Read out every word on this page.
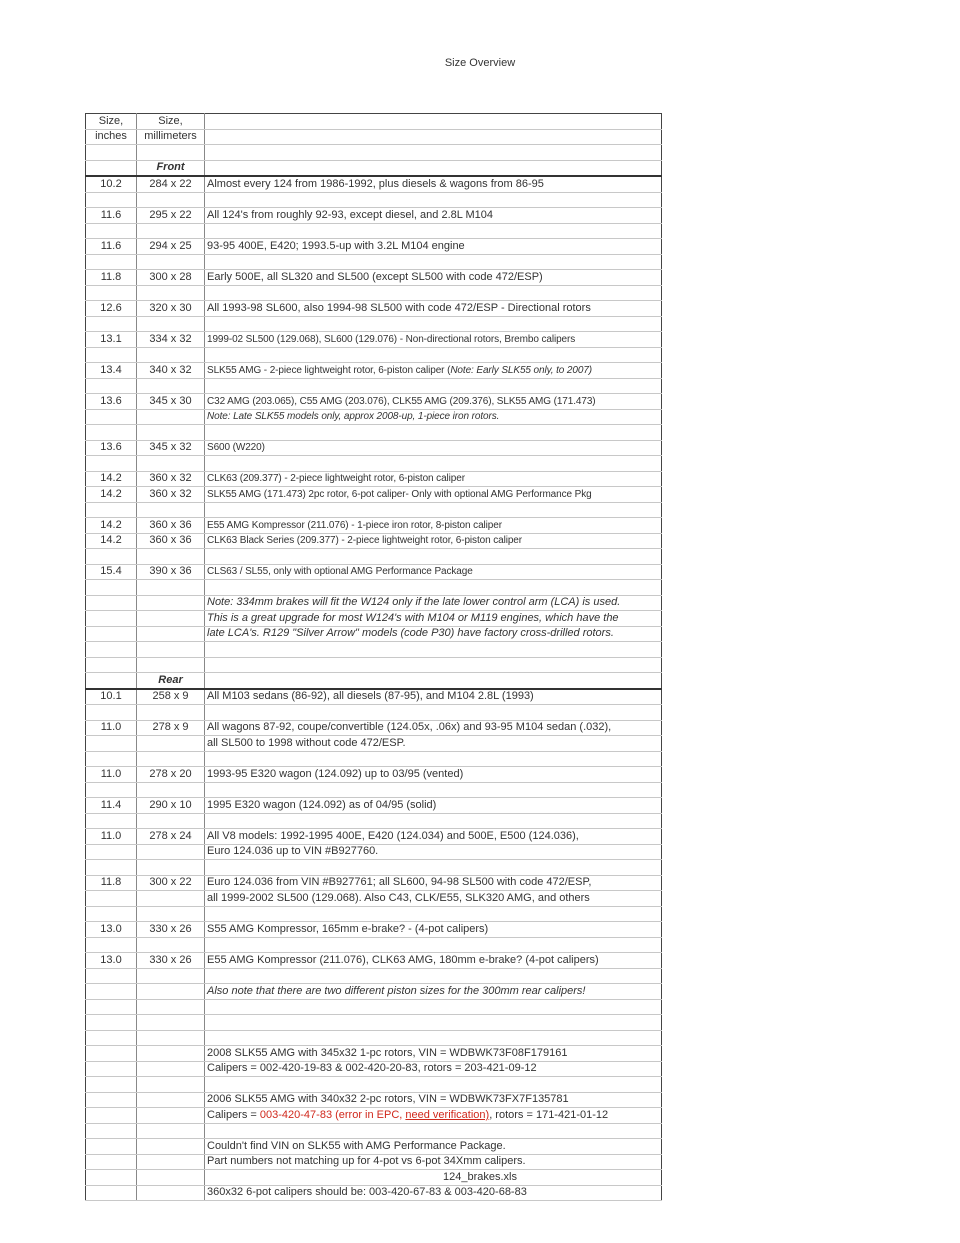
Size Overview
Size,	Size,	
inches	millimeters	

	Front	
10.2	284 x 22	Almost every 124 from 1986-1992, plus diesels & wagons from 86-95

11.6	295 x 22	All 124's from roughly 92-93, except diesel, and 2.8L M104

11.6	294 x 25	93-95 400E, E420; 1993.5-up with 3.2L M104 engine

11.8	300 x 28	Early 500E, all SL320 and SL500 (except SL500 with code 472/ESP)

12.6	320 x 30	All 1993-98 SL600, also 1994-98 SL500 with code 472/ESP - Directional rotors

13.1	334 x 32	1999-02 SL500 (129.068), SL600 (129.076) - Non-directional rotors, Brembo calipers

13.4	340 x 32	SLK55 AMG - 2-piece lightweight rotor, 6-piston caliper (Note: Early SLK55 only, to 2007)

13.6	345 x 30	C32 AMG (203.065), C55 AMG (203.076), CLK55 AMG (209.376), SLK55 AMG (171.473)
		Note: Late SLK55 models only, approx 2008-up, 1-piece iron rotors.

13.6	345 x 32	S600 (W220)

14.2	360 x 32	CLK63 (209.377) - 2-piece lightweight rotor, 6-piston caliper
14.2	360 x 32	SLK55 AMG (171.473) 2pc rotor, 6-pot caliper- Only with optional AMG Performance Pkg

14.2	360 x 36	E55 AMG Kompressor (211.076) - 1-piece iron rotor, 8-piston caliper
14.2	360 x 36	CLK63 Black Series (209.377) - 2-piece lightweight rotor, 6-piston caliper

15.4	390 x 36	CLS63 / SL55, only with optional AMG Performance Package

		Note: 334mm brakes will fit the W124 only if the late lower control arm (LCA) is used.
		This is a great upgrade for most W124's with M104 or M119 engines, which have the
		late LCA's. R129 "Silver Arrow" models (code P30) have factory cross-drilled rotors.

	Rear	
10.1	258 x 9	All M103 sedans (86-92), all diesels (87-95), and M104 2.8L (1993)

11.0	278 x 9	All wagons 87-92, coupe/convertible (124.05x, .06x) and 93-95 M104 sedan (.032),
		all SL500 to 1998 without code 472/ESP.

11.0	278 x 20	1993-95 E320 wagon (124.092) up to 03/95 (vented)

11.4	290 x 10	1995 E320 wagon (124.092) as of 04/95 (solid)

11.0	278 x 24	All V8 models: 1992-1995 400E, E420 (124.034) and 500E, E500 (124.036),
		Euro 124.036 up to VIN #B927760.

11.8	300 x 22	Euro 124.036 from VIN #B927761; all SL600, 94-98 SL500 with code 472/ESP,
		all 1999-2002 SL500 (129.068). Also C43, CLK/E55, SLK320 AMG, and others

13.0	330 x 26	S55 AMG Kompressor, 165mm e-brake? - (4-pot calipers)

13.0	330 x 26	E55 AMG Kompressor (211.076), CLK63 AMG, 180mm e-brake? (4-pot calipers)

		Also note that there are two different piston sizes for the 300mm rear calipers!

		2008 SLK55 AMG with 345x32 1-pc rotors, VIN = WDBWK73F08F179161
		Calipers = 002-420-19-83 & 002-420-20-83, rotors = 203-421-09-12

		2006 SLK55 AMG with 340x32 2-pc rotors, VIN = WDBWK73FX7F135781
		Calipers = 003-420-47-83 (error in EPC, need verification), rotors = 171-421-01-12

		Couldn't find VIN on SLK55 with AMG Performance Package.
		Part numbers not matching up for 4-pot vs 6-pot 34Xmm calipers.

		360x32 6-pot calipers should be: 003-420-67-83 & 003-420-68-83
124_brakes.xls
